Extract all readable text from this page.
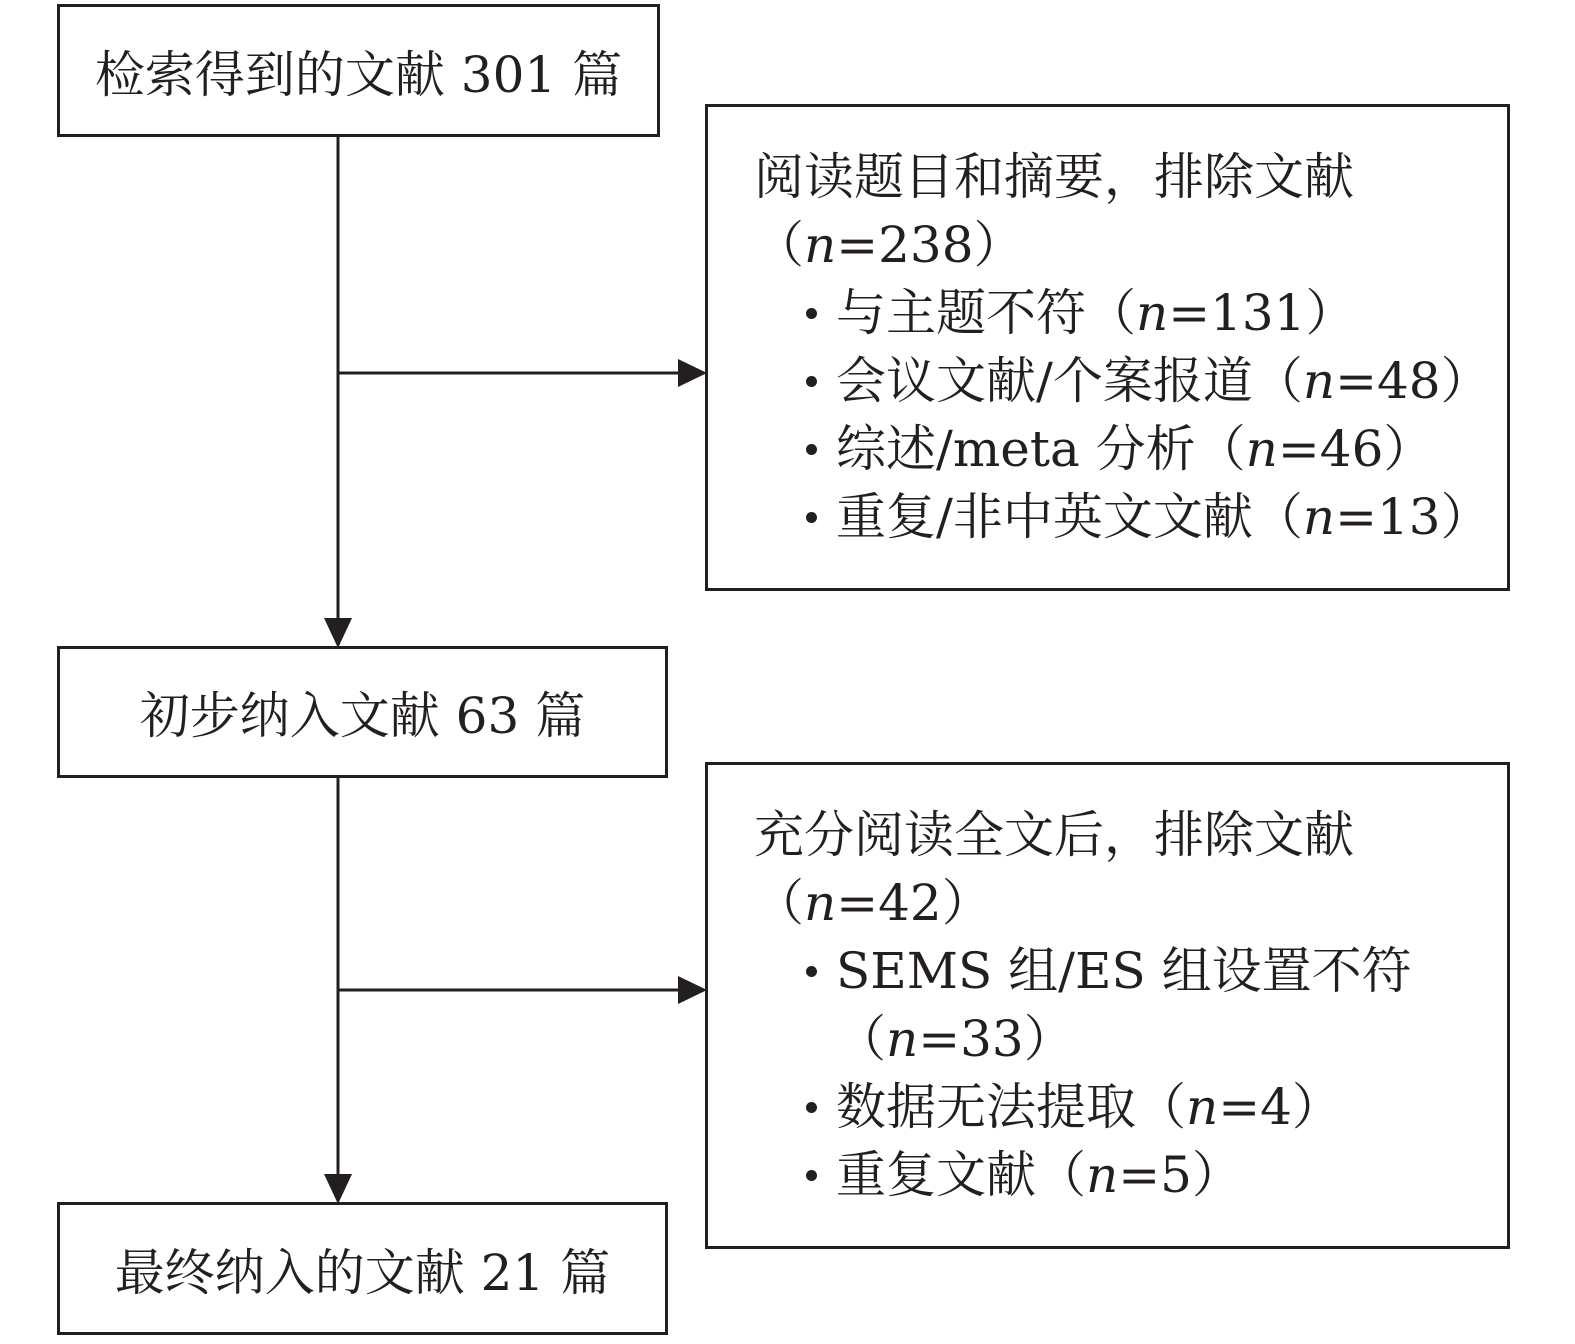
检索得到的文献 301 篇
阅读题目和摘要，排除文献
（n=238）
与主题不符（n=131）
会议文献/个案报道（n=48）
综述/meta 分析（n=46）
重复/非中英文文献（n=13）
初步纳入文献 63 篇
充分阅读全文后，排除文献
（n=42）
SEMS 组/ES 组设置不符
（n=33）
数据无法提取（n=4）
重复文献（n=5）
最终纳入的文献 21 篇
